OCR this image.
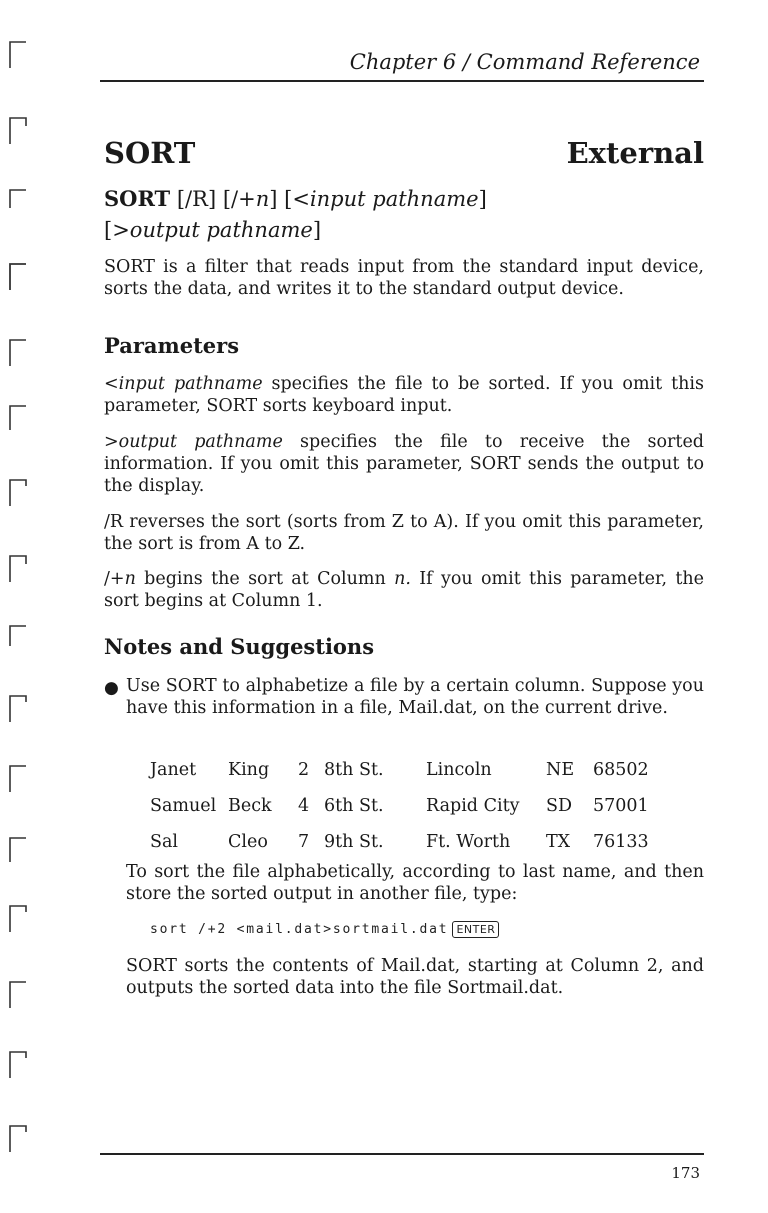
Chapter 6 / Command Reference
SORT	External
SORT [/R] [/+n] [<input pathname]
[>output pathname]
SORT is a filter that reads input from the standard input device, sorts the data, and writes it to the standard output device.
Parameters
<input pathname specifies the file to be sorted. If you omit this parameter, SORT sorts keyboard input.
>output pathname specifies the file to receive the sorted information. If you omit this parameter, SORT sends the output to the display.
/R reverses the sort (sorts from Z to A). If you omit this parameter, the sort is from A to Z.
/+n begins the sort at Column n. If you omit this parameter, the sort begins at Column 1.
Notes and Suggestions
● Use SORT to alphabetize a file by a certain column. Suppose you have this information in a file, Mail.dat, on the current drive.
Janet	King	2	8th St.	Lincoln	NE	68502
Samuel	Beck	4	6th St.	Rapid City	SD	57001
Sal	Cleo	7	9th St.	Ft. Worth	TX	76133
To sort the file alphabetically, according to last name, and then store the sorted output in another file, type:
sort /+2 <mail.dat>sortmail.dat ENTER
SORT sorts the contents of Mail.dat, starting at Column 2, and outputs the sorted data into the file Sortmail.dat.
173
